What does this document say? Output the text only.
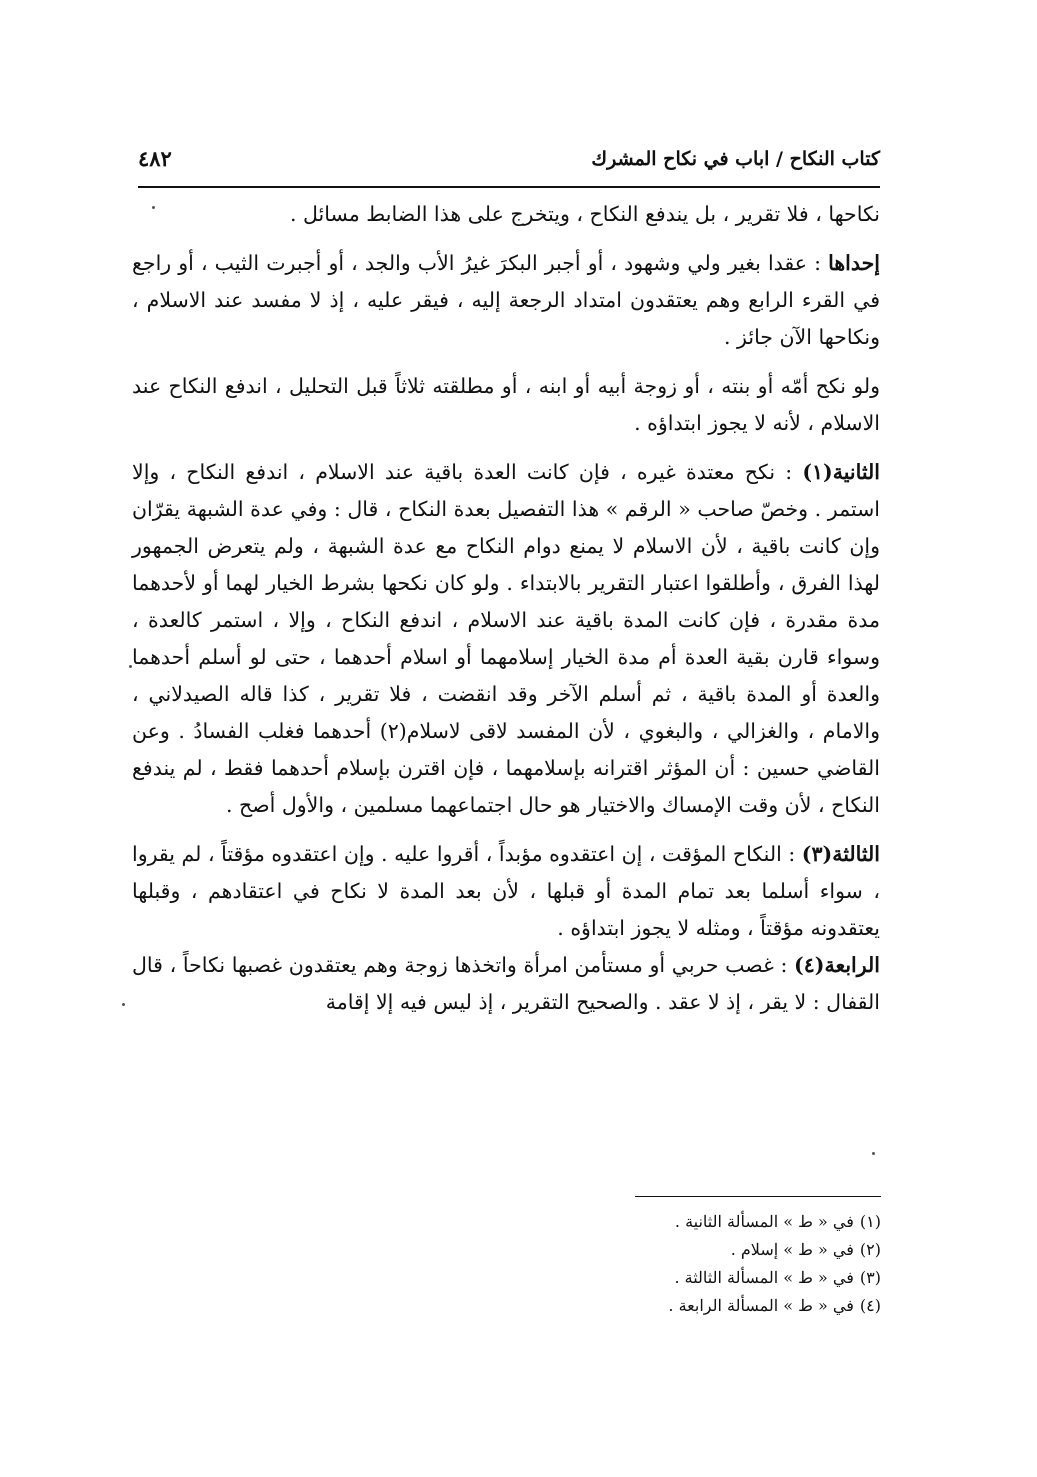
كتاب النكاح / اباب في نكاح المشرك
٤٨٢

نكاحها ، فلا تقرير ، بل يندفع النكاح ، ويتخرج على هذا الضابط مسائل .

إحداها : عقدا بغير ولي وشهود ، أو أجبر البكرَ غيرُ الأب والجد ، أو أجبرت الثيب ، أو راجع في القرء الرابع وهم يعتقدون امتداد الرجعة إليه ، فيقر عليه ، إذ لا مفسد عند الاسلام ، ونكاحها الآن جائز .

ولو نكح أمّه أو بنته ، أو زوجة أبيه أو ابنه ، أو مطلقته ثلاثاً قبل التحليل ، اندفع النكاح عند الاسلام ، لأنه لا يجوز ابتداؤه .

الثانية(١) : نكح معتدة غيره ، فإن كانت العدة باقية عند الاسلام ، اندفع النكاح ، وإلا استمر . وخصّ صاحب « الرقم » هذا التفصيل بعدة النكاح ، قال : وفي عدة الشبهة يقرّان وإن كانت باقية ، لأن الاسلام لا يمنع دوام النكاح مع عدة الشبهة ، ولم يتعرض الجمهور لهذا الفرق ، وأطلقوا اعتبار التقرير بالابتداء . ولو كان نكحها بشرط الخيار لهما أو لأحدهما مدة مقدرة ، فإن كانت المدة باقية عند الاسلام ، اندفع النكاح ، وإلا ، استمر كالعدة ، وسواء قارن بقية العدة أم مدة الخيار إسلامهما أو اسلام أحدهما ، حتى لو أسلم أحدهما والعدة أو المدة باقية ، ثم أسلم الآخر وقد انقضت ، فلا تقرير ، كذا قاله الصيدلاني ، والامام ، والغزالي ، والبغوي ، لأن المفسد لاقى لاسلام(٢) أحدهما فغلب الفسادُ . وعن القاضي حسين : أن المؤثر اقترانه بإسلامهما ، فإن اقترن بإسلام أحدهما فقط ، لم يندفع النكاح ، لأن وقت الإمساك والاختيار هو حال اجتماعهما مسلمين ، والأول أصح .

الثالثة(٣) : النكاح المؤقت ، إن اعتقدوه مؤبداً ، أقروا عليه . وإن اعتقدوه مؤقتاً ، لم يقروا ، سواء أسلما بعد تمام المدة أو قبلها ، لأن بعد المدة لا نكاح في اعتقادهم ، وقبلها يعتقدونه مؤقتاً ، ومثله لا يجوز ابتداؤه .

الرابعة(٤) : غصب حربي أو مستأمن امرأة واتخذها زوجة وهم يعتقدون غصبها نكاحاً ، قال القفال : لا يقر ، إذ لا عقد . والصحيح التقرير ، إذ ليس فيه إلا إقامة

(١)في « ط » المسألة الثانية .

(٢)في « ط » إسلام .

(٣)في « ط » المسألة الثالثة .

(٤)في « ط » المسألة الرابعة .
